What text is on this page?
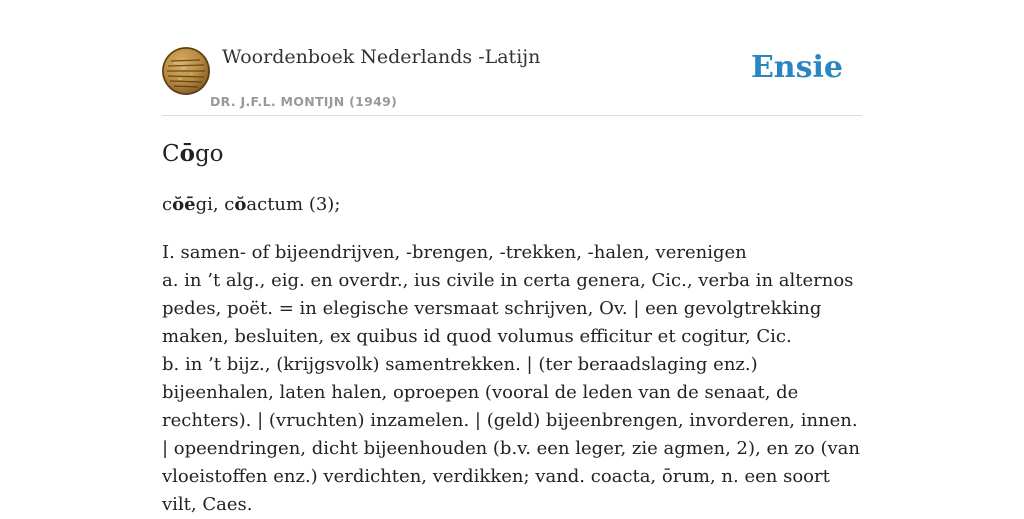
Woordenboek Nederlands -Latijn
DR. J.F.L. MONTIJN (1949)
Ensie
Cōgo
cŏēgi, cŏactum (3);

I. samen- of bijeendrijven, -brengen, -trekken, -halen, verenigen

a. in ’t alg., eig. en overdr., ius civile in certa genera, Cic., verba in alternos pedes, poët. = in elegische versmaat schrijven, Ov. | een gevolgtrekking maken, besluiten, ex quibus id quod volumus efficitur et cogitur, Cic.

b. in ’t bijz., (krijgsvolk) samentrekken. | (ter beraadslaging enz.) bijeenhalen, laten halen, oproepen (vooral de leden van de senaat, de rechters). | (vruchten) inzamelen. | (geld) bijeenbrengen, invorderen, innen. | opeendringen, dicht bijeenhouden (b.v. een leger, zie agmen, 2), en zo (van vloeistoffen enz.) verdichten, verdikken; vand. coacta, ōrum, n. een soort vilt, Caes.
